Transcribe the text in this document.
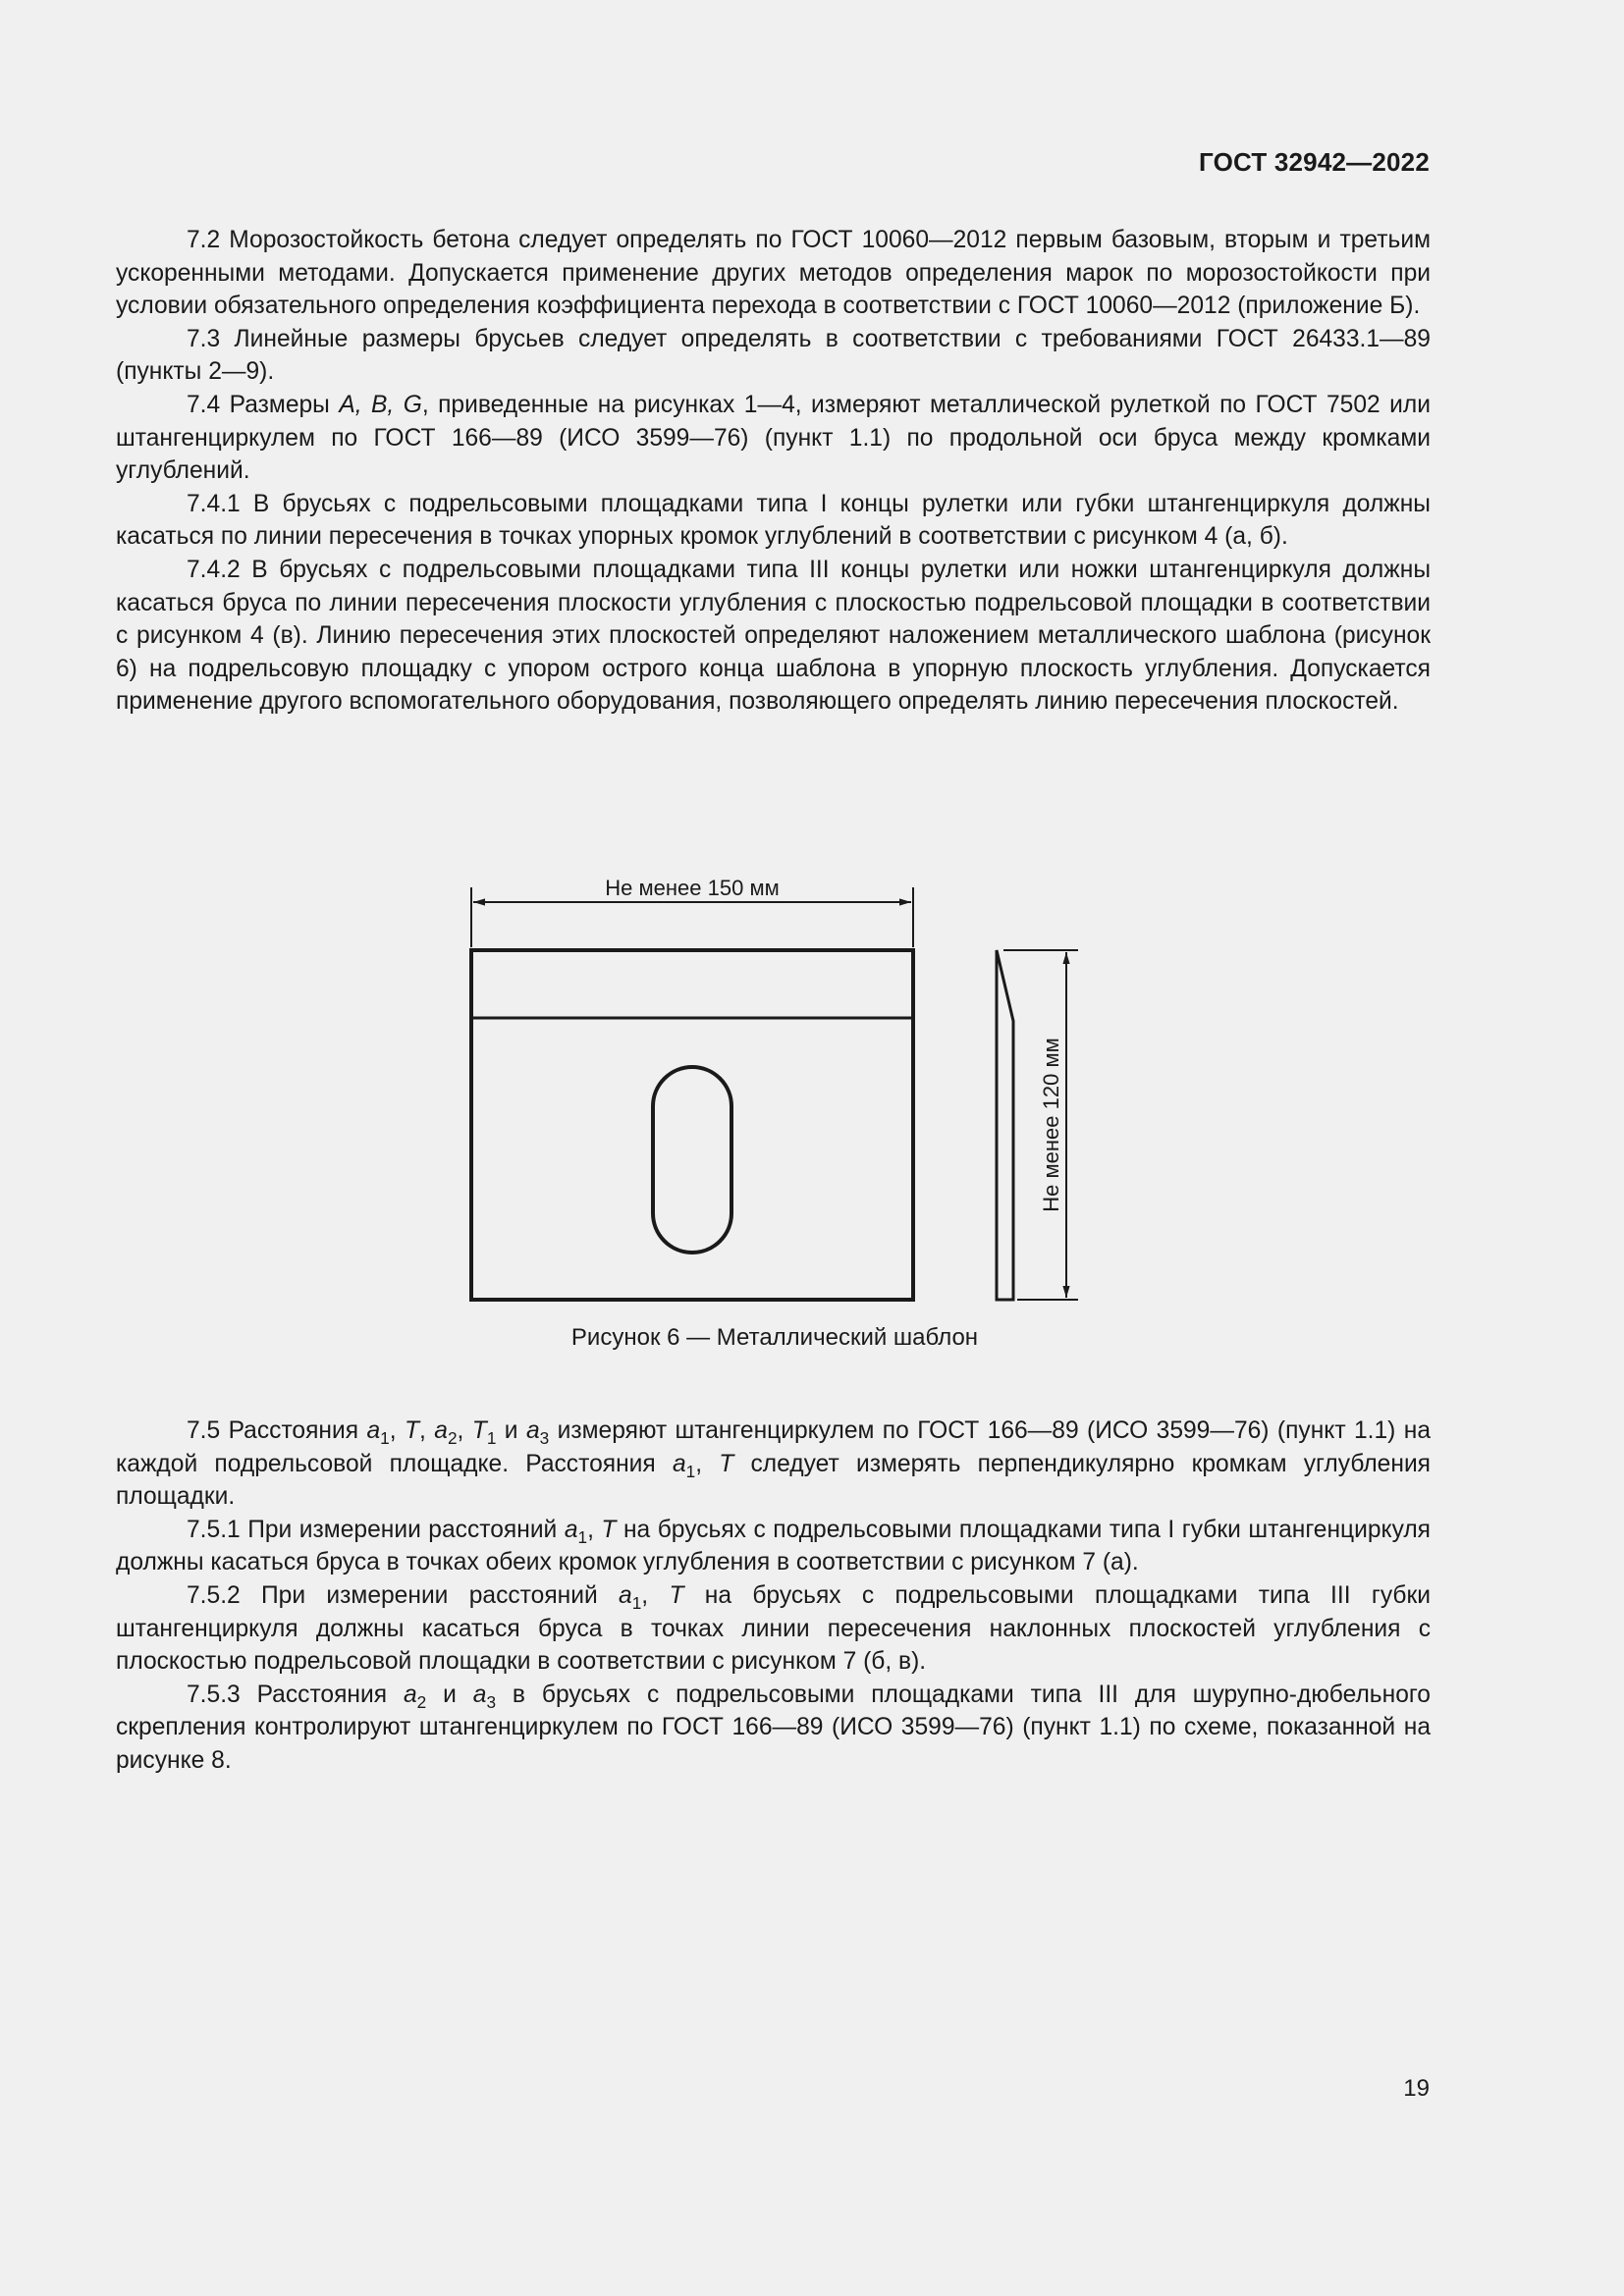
ГОСТ 32942—2022

7.2 Морозостойкость бетона следует определять по ГОСТ 10060—2012 первым базовым, вторым и третьим ускоренными методами. Допускается применение других методов определения марок по морозостойкости при условии обязательного определения коэффициента перехода в соответствии с ГОСТ 10060—2012 (приложение Б).

7.3 Линейные размеры брусьев следует определять в соответствии с требованиями ГОСТ 26433.1—89 (пункты 2—9).

7.4 Размеры A, B, G, приведенные на рисунках 1—4, измеряют металлической рулеткой по ГОСТ 7502 или штангенциркулем по ГОСТ 166—89 (ИСО 3599—76) (пункт 1.1) по продольной оси бруса между кромками углублений.

7.4.1 В брусьях с подрельсовыми площадками типа I концы рулетки или губки штангенциркуля должны касаться по линии пересечения в точках упорных кромок углублений в соответствии с рисунком 4 (а, б).

7.4.2 В брусьях с подрельсовыми площадками типа III концы рулетки или ножки штангенциркуля должны касаться бруса по линии пересечения плоскости углубления с плоскостью подрельсовой площадки в соответствии с рисунком 4 (в). Линию пересечения этих плоскостей определяют наложением металлического шаблона (рисунок 6) на подрельсовую площадку с упором острого конца шаблона в упорную плоскость углубления. Допускается применение другого вспомогательного оборудования, позволяющего определять линию пересечения плоскостей.

Не менее 150 мм
Не менее 120 мм
Рисунок 6 — Металлический шаблон

7.5 Расстояния $a_1$, T, $a_2$, $T_1$ и $a_3$ измеряют штангенциркулем по ГОСТ 166—89 (ИСО 3599—76) (пункт 1.1) на каждой подрельсовой площадке. Расстояния $a_1$, T следует измерять перпендикулярно кромкам углубления площадки.

7.5.1 При измерении расстояний $a_1$, T на брусьях с подрельсовыми площадками типа I губки штангенциркуля должны касаться бруса в точках обеих кромок углубления в соответствии с рисунком 7 (а).

7.5.2 При измерении расстояний $a_1$, T на брусьях с подрельсовыми площадками типа III губки штангенциркуля должны касаться бруса в точках линии пересечения наклонных плоскостей углубления с плоскостью подрельсовой площадки в соответствии с рисунком 7 (б, в).

7.5.3 Расстояния $a_2$ и $a_3$ в брусьях с подрельсовыми площадками типа III для шурупно-дюбельного скрепления контролируют штангенциркулем по ГОСТ 166—89 (ИСО 3599—76) (пункт 1.1) по схеме, показанной на рисунке 8.

19
